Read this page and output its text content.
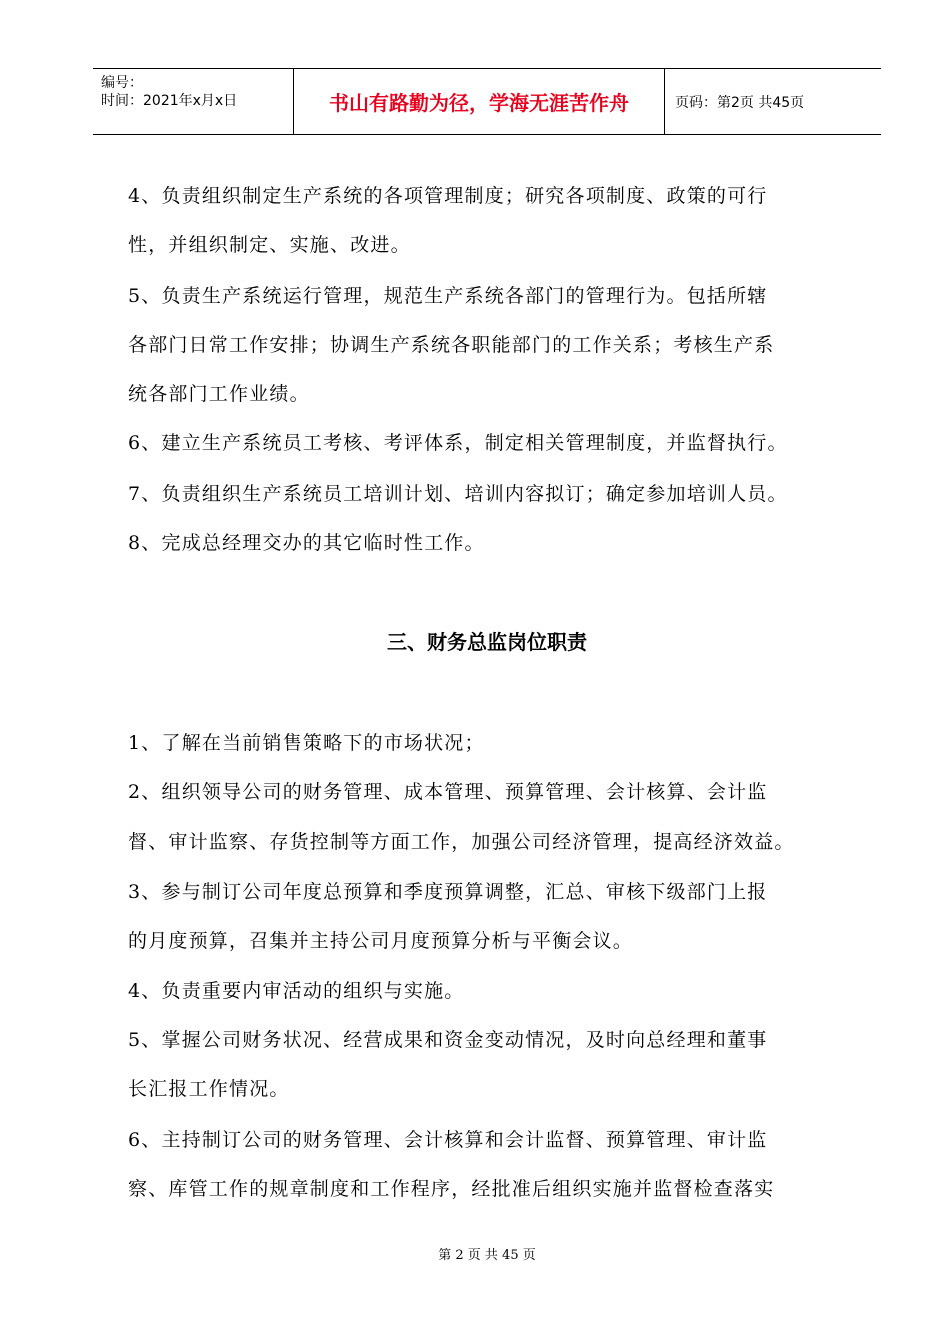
编号：
时间：2021年x月x日	书山有路勤为径，学海无涯苦作舟	页码：第2页 共45页
4、负责组织制定生产系统的各项管理制度；研究各项制度、政策的可行
性，并组织制定、实施、改进。
5、负责生产系统运行管理，规范生产系统各部门的管理行为。包括所辖
各部门日常工作安排；协调生产系统各职能部门的工作关系；考核生产系
统各部门工作业绩。
6、建立生产系统员工考核、考评体系，制定相关管理制度，并监督执行。
7、负责组织生产系统员工培训计划、培训内容拟订；确定参加培训人员。
8、完成总经理交办的其它临时性工作。
三、财务总监岗位职责
1、了解在当前销售策略下的市场状况；
2、组织领导公司的财务管理、成本管理、预算管理、会计核算、会计监
督、审计监察、存货控制等方面工作，加强公司经济管理，提高经济效益。
3、参与制订公司年度总预算和季度预算调整，汇总、审核下级部门上报
的月度预算，召集并主持公司月度预算分析与平衡会议。
4、负责重要内审活动的组织与实施。
5、掌握公司财务状况、经营成果和资金变动情况，及时向总经理和董事
长汇报工作情况。
6、主持制订公司的财务管理、会计核算和会计监督、预算管理、审计监
察、库管工作的规章制度和工作程序，经批准后组织实施并监督检查落实
第 2 页 共 45 页
